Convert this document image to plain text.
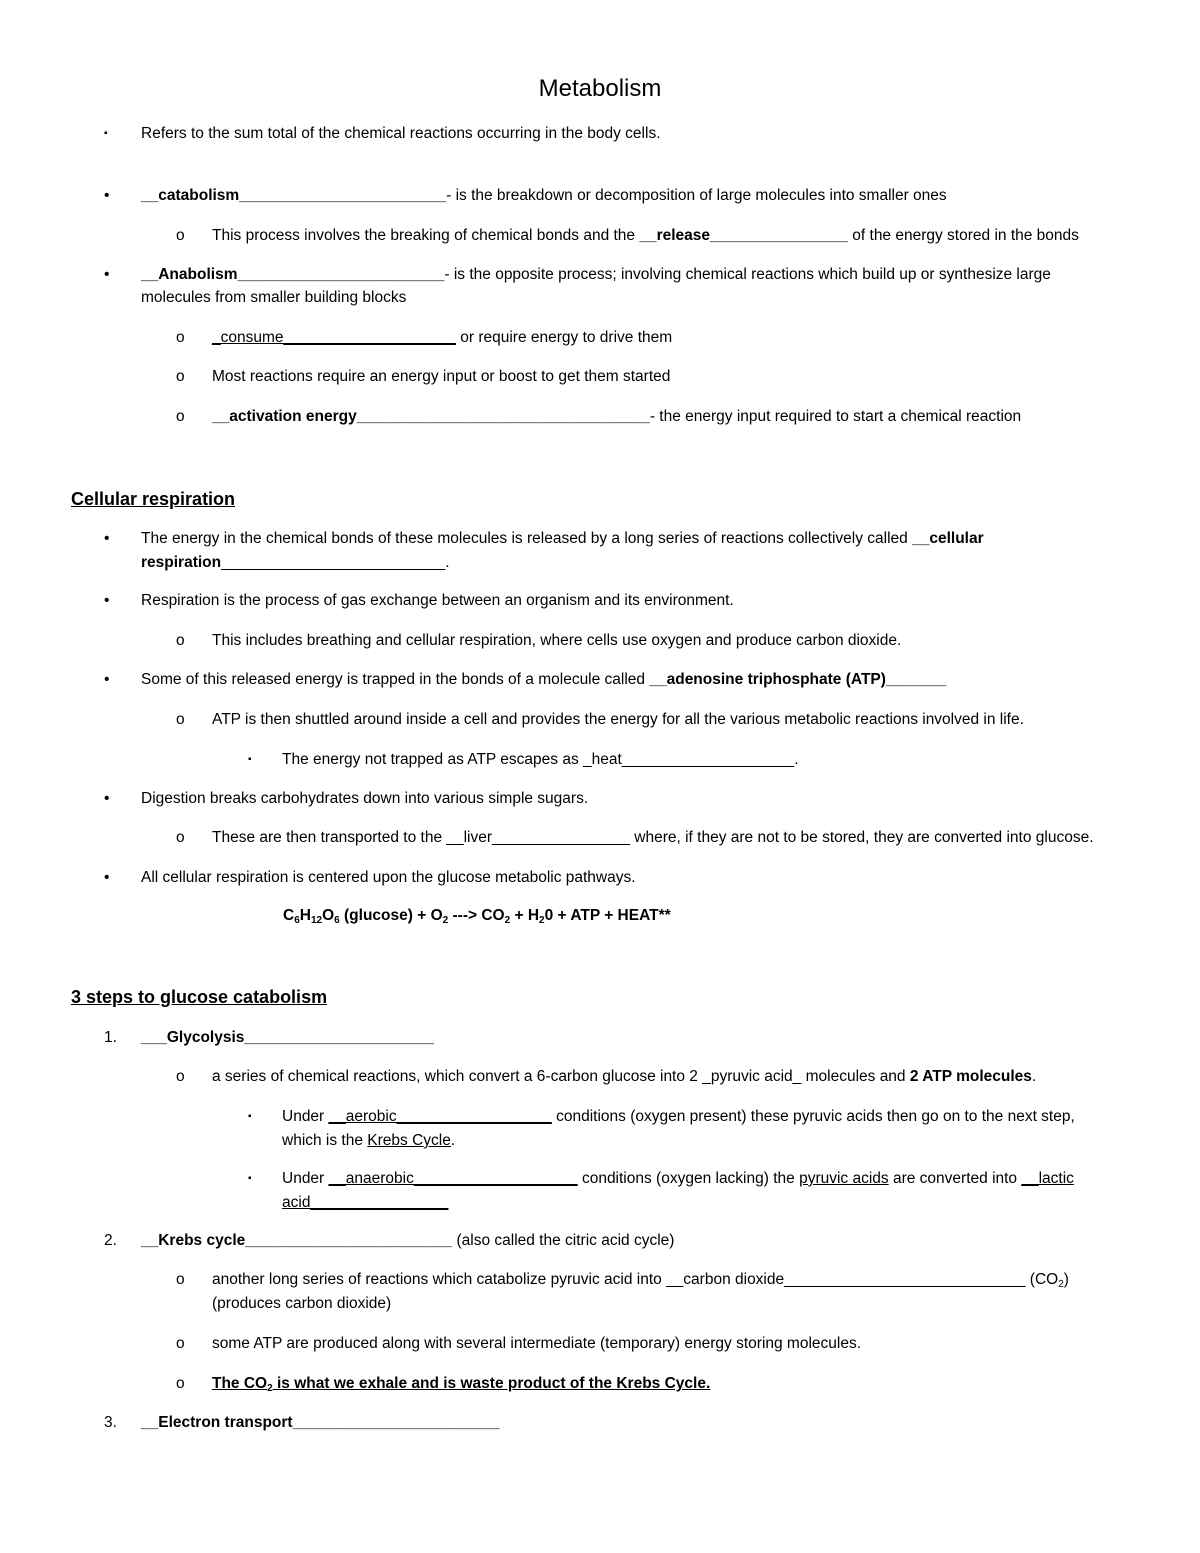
Metabolism
▪ Refers to the sum total of the chemical reactions occurring in the body cells.
• __catabolism________________________- is the breakdown or decomposition of large molecules into smaller ones
o This process involves the breaking of chemical bonds and the __release________________ of the energy stored in the bonds
• __Anabolism________________________- is the opposite process; involving chemical reactions which build up or synthesize large
molecules from smaller building blocks
o _consume____________________ or require energy to drive them
o Most reactions require an energy input or boost to get them started
o __activation energy__________________________________- the energy input required to start a chemical reaction
Cellular respiration
• The energy in the chemical bonds of these molecules is released by a long series of reactions collectively called __cellular
respiration__________________________.
• Respiration is the process of gas exchange between an organism and its environment.
o This includes breathing and cellular respiration, where cells use oxygen and produce carbon dioxide.
• Some of this released energy is trapped in the bonds of a molecule called __adenosine triphosphate (ATP)_______
o ATP is then shuttled around inside a cell and provides the energy for all the various metabolic reactions involved in life.
▪ The energy not trapped as ATP escapes as _heat____________________.
• Digestion breaks carbohydrates down into various simple sugars.
o These are then transported to the __liver________________ where, if they are not to be stored, they are converted into glucose.
• All cellular respiration is centered upon the glucose metabolic pathways.
$C_6H_{12}O_6$ $(glucose) + O_2$ ---> $CO_2 + H_20$ + ATP + HEAT**
3 steps to glucose catabolism
1. ___Glycolysis______________________
o a series of chemical reactions, which convert a 6-carbon glucose into 2 _pyruvic acid_ molecules and 2 ATP molecules.
▪ Under __aerobic__________________ conditions (oxygen present) these pyruvic acids then go on to the next step,
which is the Krebs Cycle.
▪ Under __anaerobic___________________ conditions (oxygen lacking) the pyruvic acids are converted into __lactic
acid________________
2. __Krebs cycle________________________ (also called the citric acid cycle)
o another long series of reactions which catabolize pyruvic acid into __carbon dioxide____________________________ $(CO_2)$
(produces carbon dioxide)
o some ATP are produced along with several intermediate (temporary) energy storing molecules.
o The $CO_2$ is what we exhale and is waste product of the Krebs Cycle.
3. __Electron transport________________________
